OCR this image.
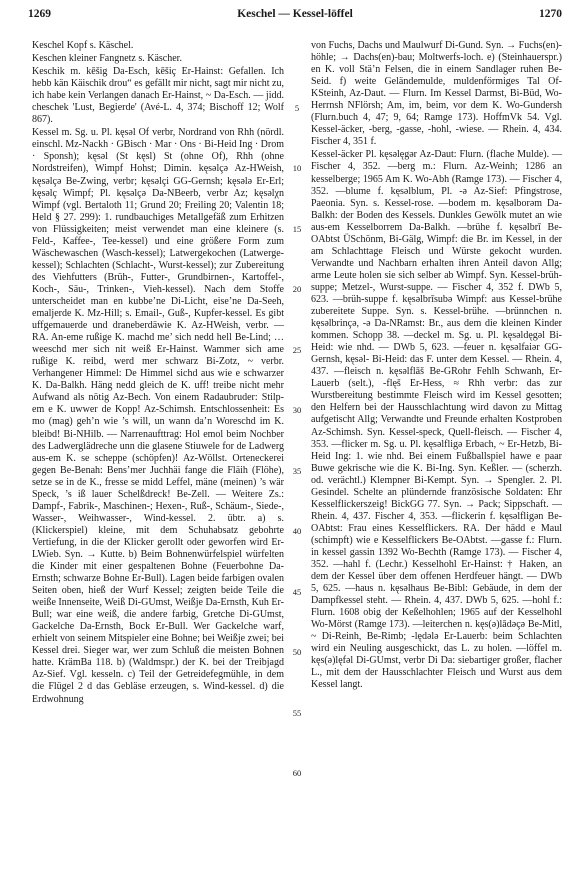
1269	Keschel — Kessel-löffel	1270

Keschel Kopf s. Käschel.

Keschen kleiner Fangnetz s. Käscher.

Keschik m. kēšig Da-Esch, kēšiç Er-Hainst: Gefallen. Ich hebb kän Käischik drou“ es gefällt mir nicht, sagt mir nicht zu, ich habe kein Verlangen danach Er-Hainst, ~ Da-Esch. — jidd. cheschek 'Lust, Begierde' (Avé-L. 4, 374; Bischoff 12; Wolf 867).

Kessel m. Sg. u. Pl. kęsəl Of verbr, Nordrand von Rhh (nördl. einschl. Mz-Nackh · GBisch · Mar · Ons · Bi-Heid Ing · Drom · Sponsh); kęsəl (St kęsl) St (ohne Of), Rhh (ohne Nordstreifen), Wimpf Hohst; Dimin. kęsəlçə Az-HWeish, kęsəlçə Be-Zwing, verbr; kęsəlçi GG-Gernsh; kęsələ Er-Erl; kęsəlç Wimpf; Pl. kęsəlçə Da-NBeerb, verbr Az; kęsəlχn Wimpf (vgl. Bertaloth 11; Grund 20; Freiling 20; Valentin 18; Held § 27. 299): 1. rundbauchiges Metallgefäß zum Erhitzen von Flüssigkeiten; meist verwendet man eine kleinere (s. Feld-, Kaffee-, Tee-kessel) und eine größere Form zum Wäschewaschen (Wasch-kessel); Latwergekochen (Latwerge-kessel); Schlachten (Schlacht-, Wurst-kessel); zur Zubereitung des Viehfutters (Brüh-, Futter-, Grundbirnen-, Kartoffel-, Koch-, Säu-, Trinken-, Vieh-kessel). Nach dem Stoffe unterscheidet man en kubbe’ne Di-Licht, eise’ne Da-Seeh, emaljerde K. Mz-Hill; s. Email-, Guß-, Kupfer-kessel. Es gibt uffgemauerde und draneberdäwie K. Az-HWeish, verbr. — RA. An-eme rußige K. machd me’ sich nedd hell Be-Lind; … weeschd mer sich nit weiß Er-Hainst. Wammer sich ame rußige K. reibd, werd mer schwarz Bi-Zotz, ~ verbr. Verhangener Himmel: De Himmel sichd aus wie e schwarzer K. Da-Balkh. Häng nedd gleich de K. uff! treibe nicht mehr Aufwand als nötig Az-Bech. Von einem Radaubruder: Stilp-em e K. uwwer de Kopp! Az-Schimsh. Entschlossenheit: Es mo (mag) geh’n wie ’s will, un wann da’n Woreschd im K. bleibd! Bi-NHilb. — Narrenaufttrag: Hol emol beim Nochber des Ladwerglädreche unn die glasene Stiuwele for de Ladwerg aus-em K. se scheppe (schöpfen)! Az-Wöllst. Orteneckerei gegen Be-Benah: Bens’mer Juchhäi fange die Fläih (Flöhe), setze se in de K., fresse se midd Leffel, mäne (meinen) ’s wär Speck, ’s iß lauer Schelßdreck! Be-Zell. — Weitere Zs.: Dampf-, Fabrik-, Maschinen-; Hexen-, Ruß-, Schäum-, Siede-, Wasser-, Weihwasser-, Wind-kessel. 2. übtr. a) s. (Klickerspiel) kleine, mit dem Schuhabsatz gebohrte Vertiefung, in die der Klicker gerollt oder geworfen wird Er-LWieb. Syn. → Kutte. b) Beim Bohnenwürfelspiel würfelten die Kinder mit einer gespaltenen Bohne (Feuerbohne Da-Ernsth; schwarze Bohne Er-Bull). Lagen beide farbigen ovalen Seiten oben, hieß der Wurf Kessel; zeigten beide Teile die weiße Innenseite, Weiß Di-GUmst, Weißje Da-Ernsth, Kuh Er-Bull; war eine weiß, die andere farbig, Gretche Di-GUmst, Gackelche Da-Ernsth, Bock Er-Bull. Wer Gackelche warf, erhielt von seinem Mitspieler eine Bohne; bei Weißje zwei; bei Kessel drei. Sieger war, wer zum Schluß die meisten Bohnen hatte. KrämBa 118. b) (Waldmspr.) der K. bei der Treibjagd Az-Sief. Vgl. kesseln. c) Teil der Getreidefegmühle, in dem die Flügel 2 d das Gebläse erzeugen, s. Wind-kessel. d) die Erdwohnung

von Fuchs, Dachs und Maulwurf Di-Gund. Syn. → Fuchs(en)-höhle; → Dachs(en)-bau; Moltwerfs-loch. e) (Steinhauerspr.) en K. voll Stä’n Felsen, die in einem Sandlager ruhen Be-Seid. f) weite Geländemulde, muldenförmiges Tal Of-KSteinh, Az-Daut. — Flurn. Im Kessel Darmst, Bi-Büd, Wo-Herrnsh NFlörsh; Am, im, beim, vor dem K. Wo-Gundersh (Flurn.buch 4, 47; 9, 64; Ramge 173). HoffmVk 54. Vgl. Kessel-äcker, -berg, -gasse, -hohl, -wiese. — Rhein. 4, 434. Fischer 4, 351 f.

Kessel-äcker Pl. kęsəlęgər Az-Daut: Flurn. (flache Mulde). — Fischer 4, 352. —berg m.: Flurn. Az-Weinh; 1286 an kesselberge; 1965 Am K. Wo-Abh (Ramge 173). — Fischer 4, 352. —blume f. kęsəlblum, Pl. -ə Az-Sief: Pfingstrose, Paeonia. Syn. s. Kessel-rose. —bodem m. kęsəlborəm Da-Balkh: der Boden des Kessels. Dunkles Gewölk mutet an wie aus-em Kesselborrem Da-Balkh. —brühe f. kęsəlbrī Be-OAbtst ÜSchönm, Bi-Gälg, Wimpf: die Br. im Kessel, in der am Schlachttage Fleisch und Würste gekocht wurden. Verwandte und Nachbarn erhalten ihren Anteil davon Allg; arme Leute holen sie sich selber ab Wimpf. Syn. Kessel-brüh-suppe; Metzel-, Wurst-suppe. — Fischer 4, 352 f. DWb 5, 623. —brüh-suppe f. kęsəlbrīsubə Wimpf: aus Kessel-brühe zubereitete Suppe. Syn. s. Kessel-brühe. —brünnchen n. kęsəlbrinçə, -ə Da-NRamst: Br., aus dem die kleinen Kinder kommen. Schopp 38. —deckel m. Sg. u. Pl. kęsəldęgəl Bi-Heid: wie nhd. — DWb 5, 623. —feuer n. kęsəlfaiər GG-Gernsh, kęsəl- Bi-Heid: das F. unter dem Kessel. — Rhein. 4, 437. —fleisch n. kęsəlflāš Be-GRohr Fehlh Schwanh, Er-Lauerb (selt.), -flęš Er-Hess, ≈ Rhh verbr: das zur Wurstbereitung bestimmte Fleisch wird im Kessel gesotten; den Helfern bei der Hausschlachtung wird davon zu Mittag aufgetischt Allg; Verwandte und Freunde erhalten Kostproben Az-Schimsh. Syn. Kessel-speck, Quell-fleisch. — Fischer 4, 353. —flicker m. Sg. u. Pl. kęsəlfligə Erbach, ~ Er-Hetzb, Bi-Heid Ing: 1. wie nhd. Bei einem Fußballspiel hawe e paar Buwe gekrische wie die K. Bi-Ing. Syn. Keßler. — (scherzh. od. verächtl.) Klempner Bi-Kempt. Syn. → Spengler. 2. Pl. Gesindel. Schelte an plündernde französische Soldaten: Ehr Kesselflickerszeig! BickGG 77. Syn. → Pack; Sippschaft. — Rhein. 4, 437. Fischer 4, 353. —flickerin f. kęsəlfligən Be-OAbtst: Frau eines Kesselflickers. RA. Der hädd e Maul (schimpft) wie e Kesselflickers Be-OAbtst. —gasse f.: Flurn. in kessel gassin 1392 Wo-Bechth (Ramge 173). — Fischer 4, 352. —hahl f. (Lechr.) Kesselhohl Er-Hainst: † Haken, an dem der Kessel über dem offenen Herdfeuer hängt. — DWb 5, 625. —haus n. kęsəlhaus Be-Bibl: Gebäude, in dem der Dampfkessel steht. — Rhein. 4, 437. DWb 5, 625. —hohl f.: Flurn. 1608 obig der Keßelhohlen; 1965 auf der Kesselhohl Wo-Mörst (Ramge 173). —leiterchen n. kęs(ə)lādəçə Be-Mitl, ~ Di-Reinh, Be-Rimb; -lędələ Er-Lauerb: beim Schlachten wird ein Neuling ausgeschickt, das L. zu holen. —löffel m. kęs(ə)lęfəl Di-GUmst, verbr Di Da: siebartiger großer, flacher L., mit dem der Hausschlachter Fleisch und Wurst aus dem Kessel langt.

5
10
15
20
25
30
35
40
45
50
55
60
